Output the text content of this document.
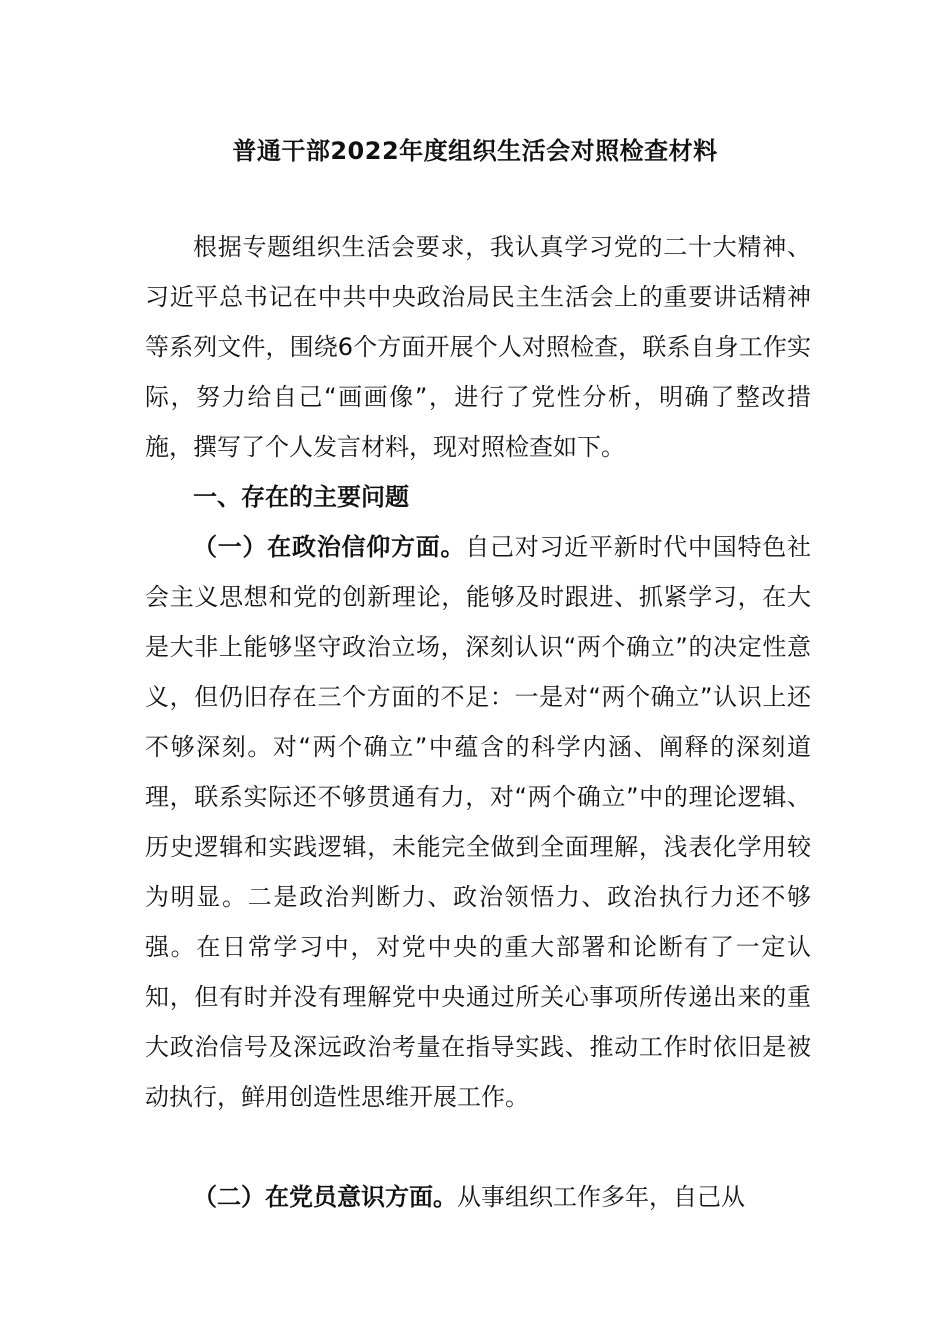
普通干部2022年度组织生活会对照检查材料

根据专题组织生活会要求，我认真学习党的二十大精神、习近平总书记在中共中央政治局民主生活会上的重要讲话精神等系列文件，围绕6个方面开展个人对照检查，联系自身工作实际，努力给自己“画画像”，进行了党性分析，明确了整改措施，撰写了个人发言材料，现对照检查如下。

一、存在的主要问题

（一）在政治信仰方面。自己对习近平新时代中国特色社会主义思想和党的创新理论，能够及时跟进、抓紧学习，在大是大非上能够坚守政治立场，深刻认识“两个确立”的决定性意义，但仍旧存在三个方面的不足：一是对“两个确立”认识上还不够深刻。对“两个确立”中蕴含的科学内涵、阐释的深刻道理，联系实际还不够贯通有力，对“两个确立”中的理论逻辑、历史逻辑和实践逻辑，未能完全做到全面理解，浅表化学用较为明显。二是政治判断力、政治领悟力、政治执行力还不够强。在日常学习中，对党中央的重大部署和论断有了一定认知，但有时并没有理解党中央通过所关心事项所传递出来的重大政治信号及深远政治考量在指导实践、推动工作时依旧是被动执行，鲜用创造性思维开展工作。

（二）在党员意识方面。从事组织工作多年，自己从
